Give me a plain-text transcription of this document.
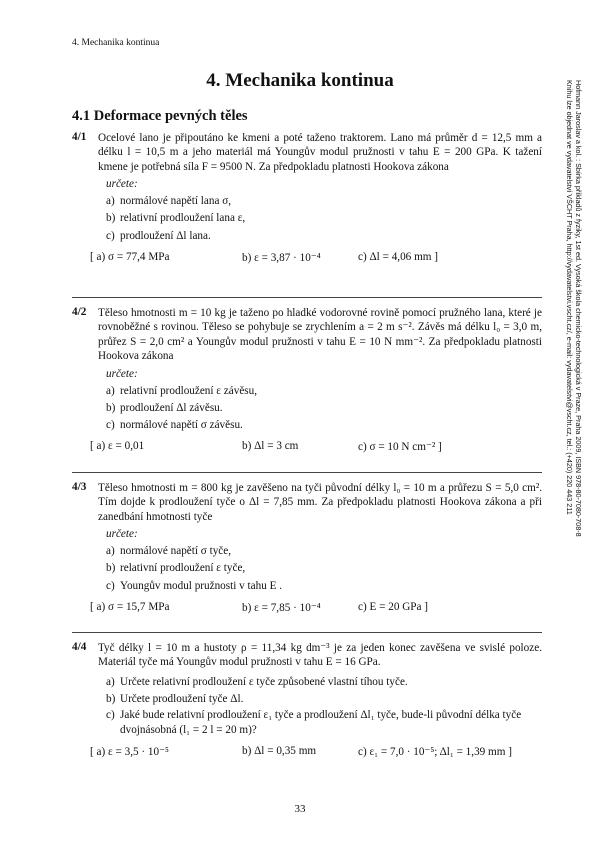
4. Mechanika kontinua
4. Mechanika kontinua
4.1 Deformace pevných těles	Hofmann Jaroslav a kol. : Sbírka příkladů z fyziky, 1st ed. Vysoká škola chemicko-technologická v Praze, Praha 2009, ISBN 978-80-7080-708-8
Knihu lze objednat ve vydavatelství VŠCHT Praha, http://vydavatelstvi.vscht.cz/, e-mail: vydavatelstvi@vscht.cz, tel.: (+420) 220 443 211
4/1	Ocelové lano je připoutáno ke kmeni a poté taženo traktorem. Lano má průměr d = 12,5 mm a délku l = 10,5 m a jeho materiál má Youngův modul pružnosti v tahu E = 200 GPa. K tažení kmene je potřebná síla F = 9500 N. Za předpokladu platnosti Hookova zákona
určete:
a) normálové napětí lana σ,
b) relativní prodloužení lana ε,
c) prodloužení Δl lana.
[ a) σ = 77,4 MPa	b) ε = 3,87 · 10⁻⁴	c) Δl = 4,06 mm ]
4/2	Těleso hmotnosti m = 10 kg je taženo po hladké vodorovné rovině pomocí pružného lana, které je rovnoběžné s rovinou. Těleso se pohybuje se zrychlením a = 2 m s⁻². Závěs má délku l₀ = 3,0 m, průřez S = 2,0 cm² a Youngův modul pružnosti v tahu E = 10 N mm⁻². Za předpokladu platnosti Hookova zákona
určete:
a) relativní prodloužení ε závěsu,
b) prodloužení Δl závěsu.
c) normálové napětí σ závěsu.
[ a) ε = 0,01	b) Δl = 3 cm	c) σ = 10 N cm⁻² ]
4/3	Těleso hmotnosti m = 800 kg je zavěšeno na tyči původní délky l₀ = 10 m a průřezu S = 5,0 cm². Tím dojde k prodloužení tyče o Δl = 7,85 mm. Za předpokladu platnosti Hookova zákona a při zanedbání hmotnosti tyče
určete:
a) normálové napětí σ tyče,
b) relativní prodloužení ε tyče,
c) Youngův modul pružnosti v tahu E .
[ a) σ = 15,7 MPa	b) ε = 7,85 · 10⁻⁴	c) E = 20 GPa ]
4/4	Tyč délky l = 10 m a hustoty ρ = 11,34 kg dm⁻³ je za jeden konec zavěšena ve svislé poloze. Materiál tyče má Youngův modul pružnosti v tahu E = 16 GPa.
a) Určete relativní prodloužení ε tyče způsobené vlastní tíhou tyče.
b) Určete prodloužení tyče Δl.
c) Jaké bude relativní prodloužení ε₁ tyče a prodloužení Δl₁ tyče, bude-li původní délka tyče dvojnásobná (l₁ = 2 l = 20 m)?
[ a) ε = 3,5 · 10⁻⁵	b) Δl = 0,35 mm	c) ε₁ = 7,0 · 10⁻⁵; Δl₁ = 1,39 mm ]
33
